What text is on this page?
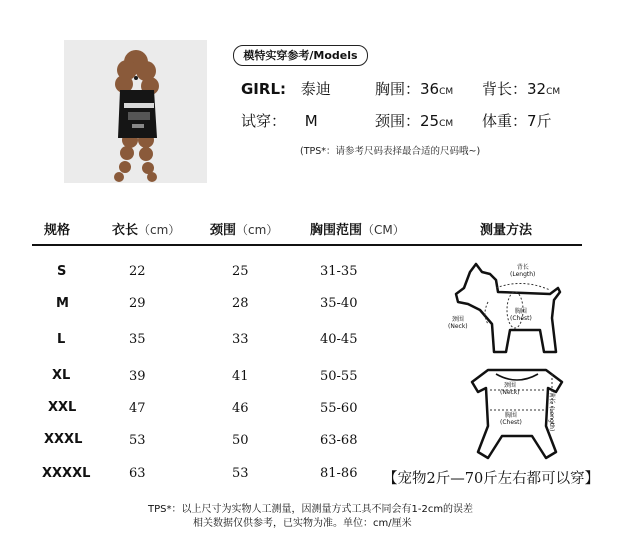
模特实穿参考/Models
GIRL: 泰迪	胸围：36CM 背长：32CM
试穿： M	颈围：25CM 体重：7斤
(TPS*：请参考尺码表择最合适的尺码哦~)
规格	衣长（cm） 颈围（cm） 胸围范围（CM）	测量方法
S	22	25	31-35
M	29	28	35-40
L	35	33	40-45
XL	39	41	50-55
XXL	47	46	55-60
XXXL	53	50	63-68
XXXXL	63	53	81-86
背长
(Length)
颈围
(Neck)
胸围
(Chest)
颈围
(Neck)
胸围
(Chest)
背长 (Length)
【宠物2斤—70斤左右都可以穿】
TPS*：以上尺寸为实物人工测量，因测量方式工具不同会有1-2cm的误差
相关数据仅供参考，已实物为准。单位：cm/厘米
